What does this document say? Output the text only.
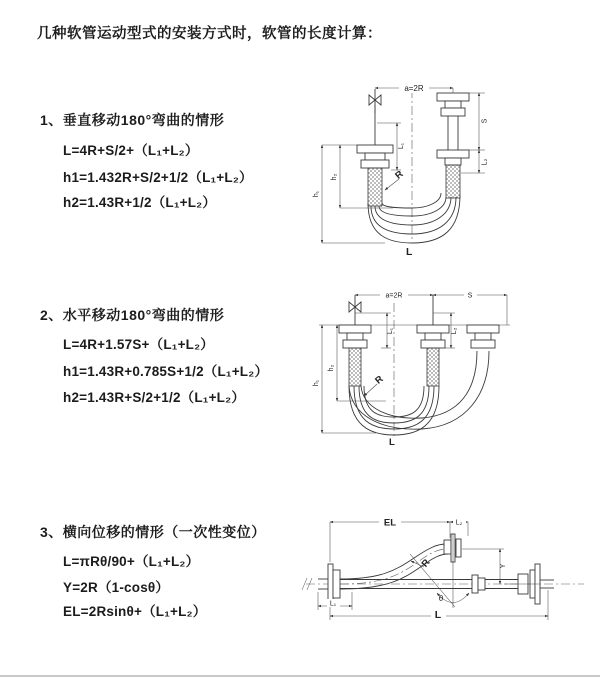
几种软管运动型式的安装方式时，软管的长度计算：
1、垂直移动180°弯曲的情形
L=4R+S/2+（L₁+L₂）
h1=1.432R+S/2+1/2（L₁+L₂）
h2=1.43R+1/2（L₁+L₂）
2、水平移动180°弯曲的情形
L=4R+1.57S+（L₁+L₂）
h1=1.43R+0.785S+1/2（L₁+L₂）
h2=1.43R+S/2+1/2（L₁+L₂）
3、横向位移的情形（一次性变位）
L=πRθ/90+（L₁+L₂）
Y=2R（1-cosθ）
EL=2Rsinθ+（L₁+L₂）
a=2R
S
L₂
h₁
h₂
L₁
R
L
a=2R	S
h₁
h₂
L₁	L₂
R
L
EL	L₂
Y
L₁
L
R
θ
